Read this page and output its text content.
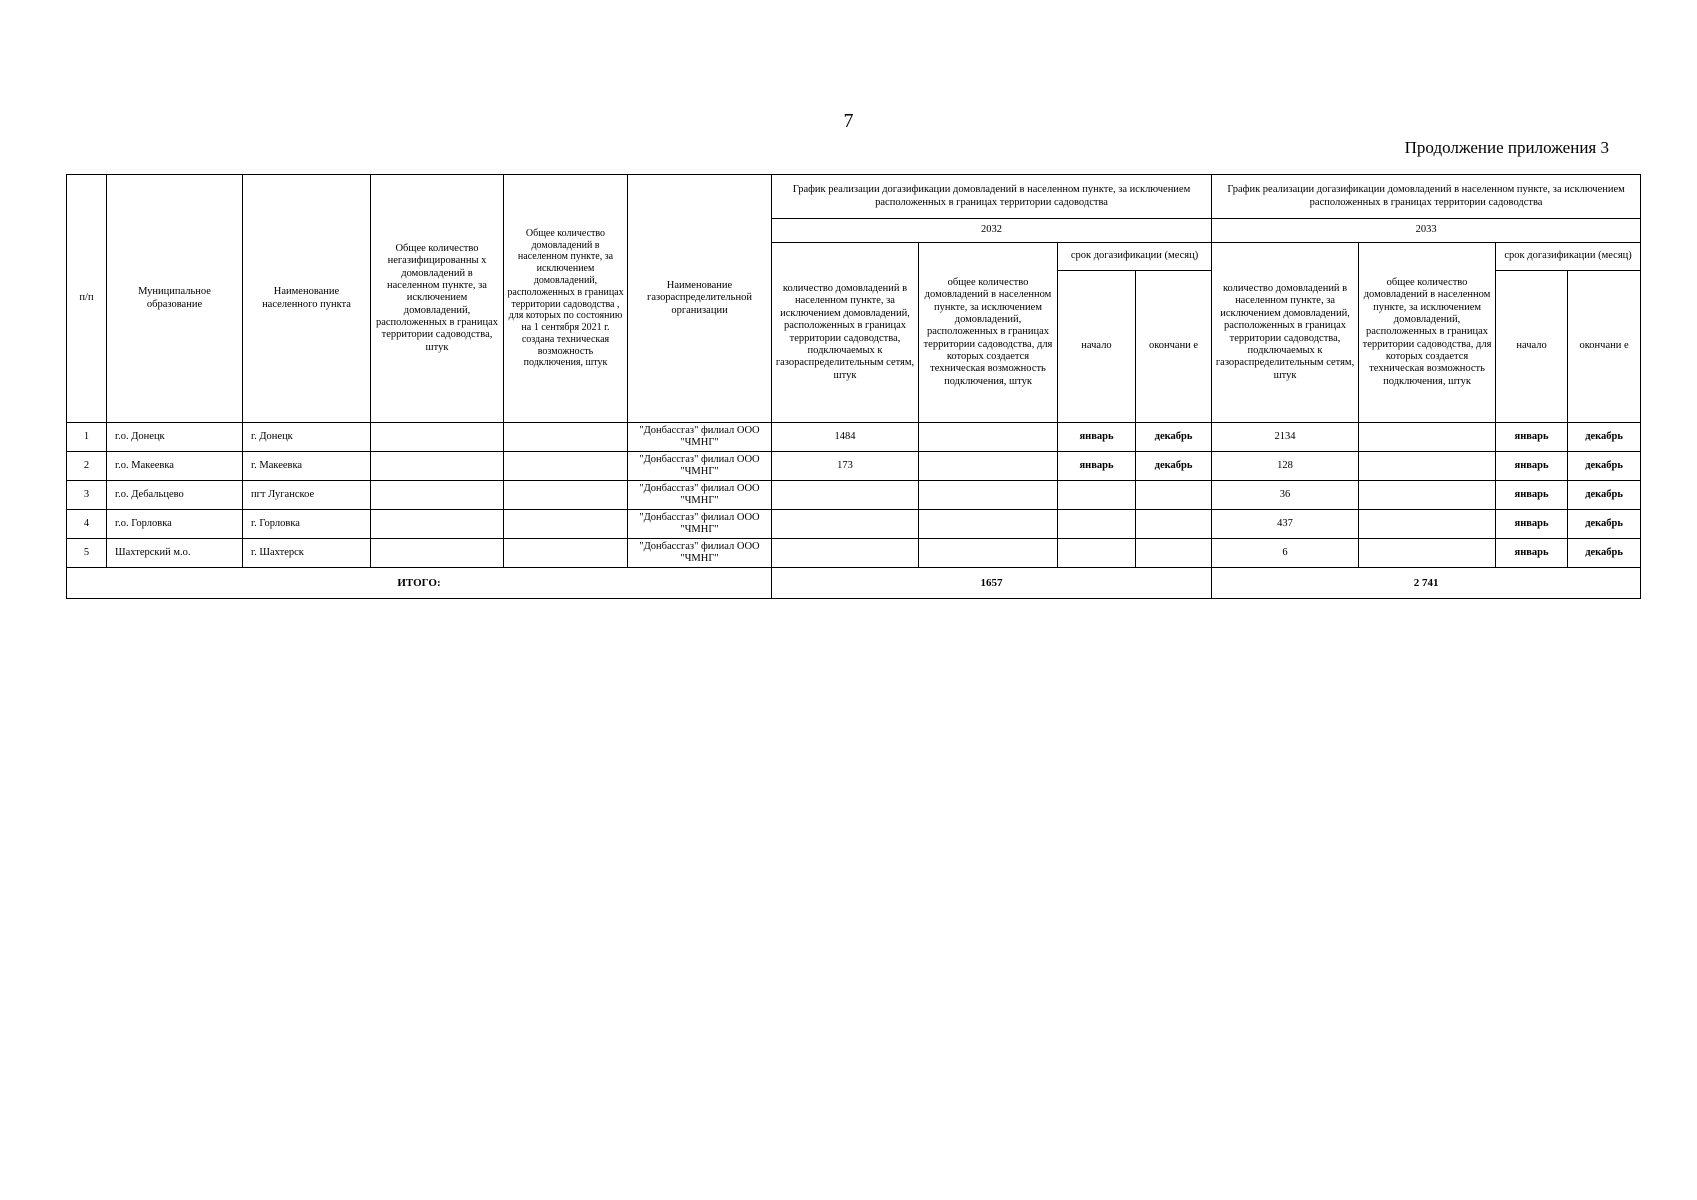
7
Продолжение приложения 3
п/п	Муниципальное образование	Наименование населенного пункта	Общее количество негазифицированны х домовладений в населенном пункте, за исключением домовладений, расположенных в границах территории садоводства, штук	Общее количество домовладений в населенном пункте, за исключением домовладений, расположенных в границах территории садоводства , для которых по состоянию на 1 сентября 2021 г. создана техническая возможность подключения, штук	Наименование газораспределительной организации	График реализации догазификации домовладений в населенном пункте, за исключением расположенных в границах территории садоводства				График реализации догазификации домовладений в населенном пункте, за исключением расположенных в границах территории садоводства			
						2032				2033			
						количество домовладений в населенном пункте, за исключением домовладений, расположенных в границах территории садоводства, подключаемых к газораспределительным сетям, штук	общее количество домовладений в населенном пункте, за исключением домовладений, расположенных в границах территории садоводства, для которых создается техническая возможность подключения, штук	срок догазификации (месяц)		количество домовладений в населенном пункте, за исключением домовладений, расположенных в границах территории садоводства, подключаемых к газораспределительным сетям, штук	общее количество домовладений в населенном пункте, за исключением домовладений, расположенных в границах территории садоводства, для которых создается техническая возможность подключения, штук	срок догазификации (месяц)	
								начало	окончани е			начало	окончани е
1	г.о. Донецк	г. Донецк			"Донбассгаз" филиал ООО "ЧМНГ"	1484		январь	декабрь	2134		январь	декабрь
2	г.о. Макеевка	г. Макеевка			"Донбассгаз" филиал ООО "ЧМНГ"	173		январь	декабрь	128		январь	декабрь
3	г.о. Дебальцево	пгт Луганское			"Донбассгаз" филиал ООО "ЧМНГ"					36		январь	декабрь
4	г.о. Горловка	г. Горловка			"Донбассгаз" филиал ООО "ЧМНГ"					437		январь	декабрь
5	Шахтерский м.о.	г. Шахтерск			"Донбассгаз" филиал ООО "ЧМНГ"					6		январь	декабрь
ИТОГО:						1657				2 741			
